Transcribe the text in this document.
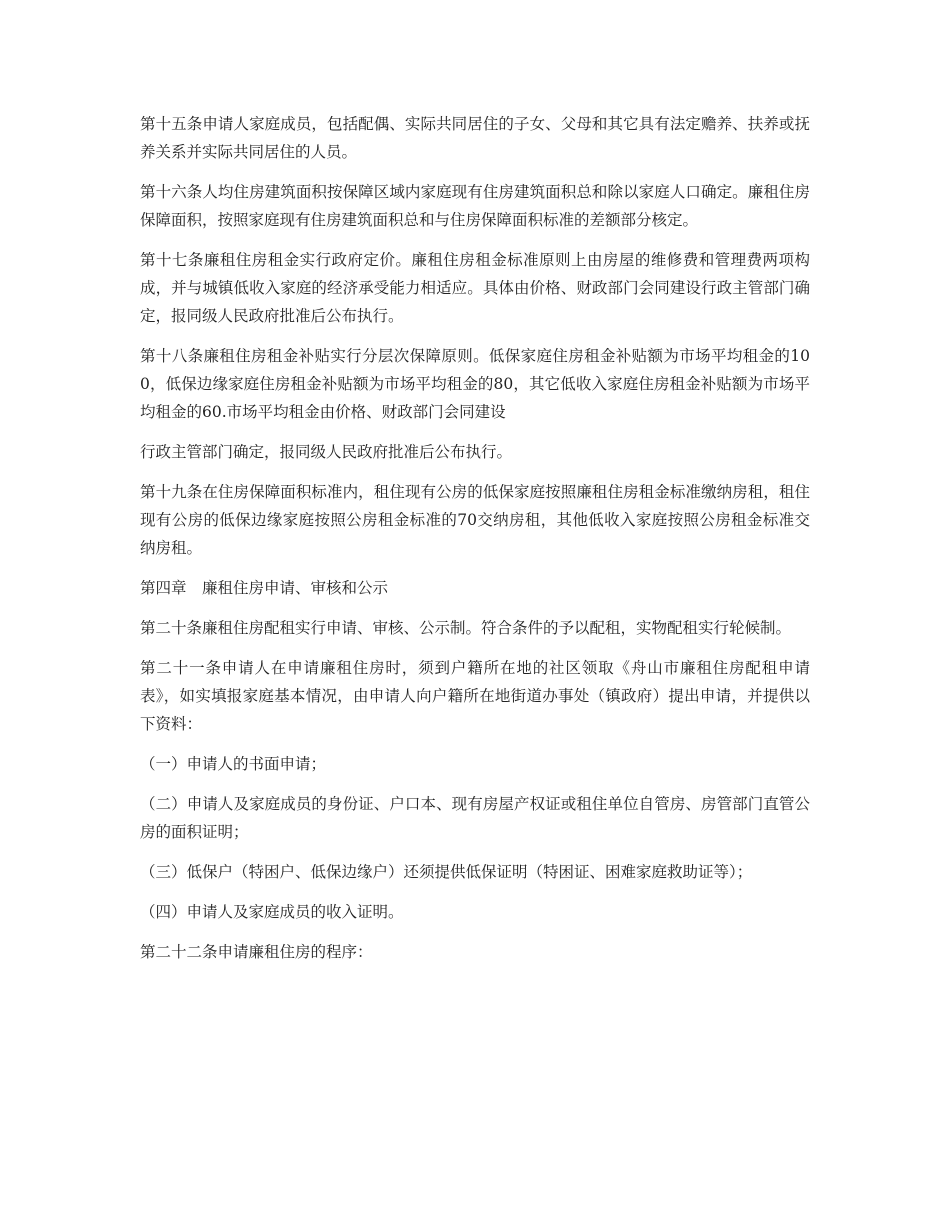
第十五条申请人家庭成员，包括配偶、实际共同居住的子女、父母和其它具有法定赡养、扶养或抚养关系并实际共同居住的人员。

第十六条人均住房建筑面积按保障区域内家庭现有住房建筑面积总和除以家庭人口确定。廉租住房保障面积，按照家庭现有住房建筑面积总和与住房保障面积标准的差额部分核定。

第十七条廉租住房租金实行政府定价。廉租住房租金标准原则上由房屋的维修费和管理费两项构成，并与城镇低收入家庭的经济承受能力相适应。具体由价格、财政部门会同建设行政主管部门确定，报同级人民政府批准后公布执行。

第十八条廉租住房租金补贴实行分层次保障原则。低保家庭住房租金补贴额为市场平均租金的100，低保边缘家庭住房租金补贴额为市场平均租金的80，其它低收入家庭住房租金补贴额为市场平均租金的60.市场平均租金由价格、财政部门会同建设

行政主管部门确定，报同级人民政府批准后公布执行。

第十九条在住房保障面积标准内，租住现有公房的低保家庭按照廉租住房租金标准缴纳房租，租住现有公房的低保边缘家庭按照公房租金标准的70交纳房租，其他低收入家庭按照公房租金标准交纳房租。

第四章　廉租住房申请、审核和公示

第二十条廉租住房配租实行申请、审核、公示制。符合条件的予以配租，实物配租实行轮候制。

第二十一条申请人在申请廉租住房时，须到户籍所在地的社区领取《舟山市廉租住房配租申请表》，如实填报家庭基本情况，由申请人向户籍所在地街道办事处（镇政府）提出申请，并提供以下资料：

（一）申请人的书面申请；

（二）申请人及家庭成员的身份证、户口本、现有房屋产权证或租住单位自管房、房管部门直管公房的面积证明；

（三）低保户（特困户、低保边缘户）还须提供低保证明（特困证、困难家庭救助证等）；

（四）申请人及家庭成员的收入证明。

第二十二条申请廉租住房的程序：
